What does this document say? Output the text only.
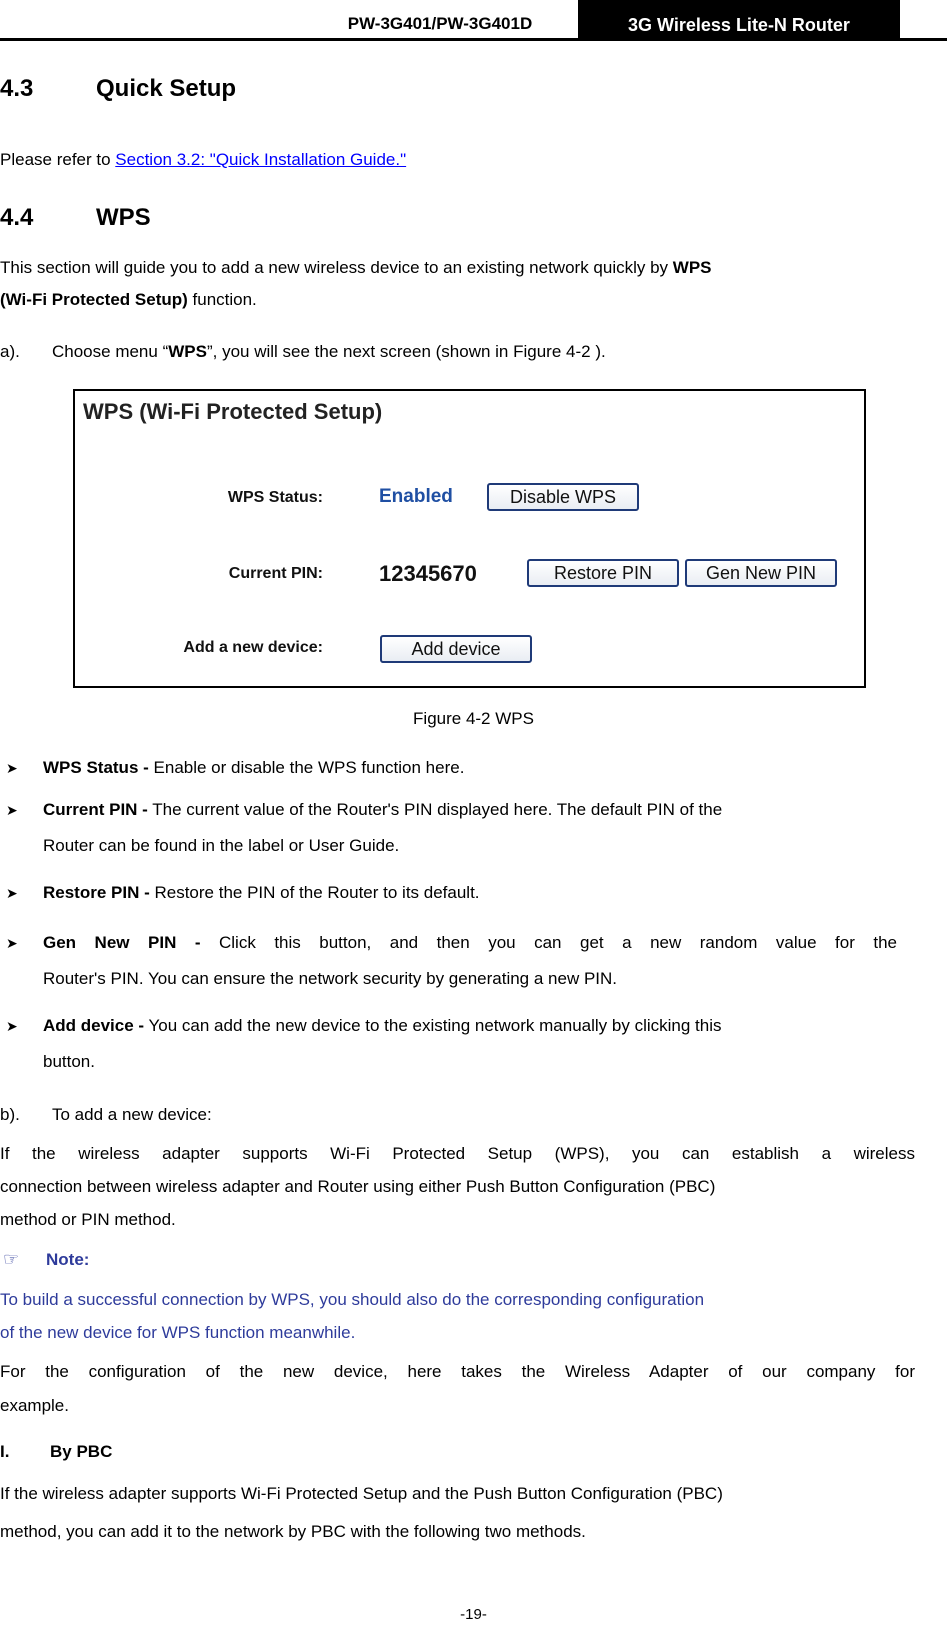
PW-3G401/PW-3G401D	3G Wireless Lite-N Router
4.3	Quick Setup

Please refer to Section 3.2: "Quick Installation Guide."

4.4	WPS

This section will guide you to add a new wireless device to an existing network quickly by WPS

(Wi-Fi Protected Setup) function.

a). Choose menu “WPS”, you will see the next screen (shown in Figure 4-2 ).

WPS (Wi-Fi Protected Setup)
WPS Status:	Enabled	Disable WPS
Current PIN:	12345670	Restore PIN	Gen New PIN
Add a new device:	Add device
Figure 4-2 WPS
➤ WPS Status - Enable or disable the WPS function here.

➤ Current PIN - The current value of the Router's PIN displayed here. The default PIN of the

Router can be found in the label or User Guide.

➤ Restore PIN - Restore the PIN of the Router to its default.

➤ Gen New PIN - Click this button, and then you can get a new random value for the

Router's PIN. You can ensure the network security by generating a new PIN.

➤ Add device - You can add the new device to the existing network manually by clicking this

button.

b). To add a new device:

If the wireless adapter supports Wi-Fi Protected Setup (WPS), you can establish a wireless

connection between wireless adapter and Router using either Push Button Configuration (PBC)

method or PIN method.

☞ Note:

To build a successful connection by WPS, you should also do the corresponding configuration

of the new device for WPS function meanwhile.

For the configuration of the new device, here takes the Wireless Adapter of our company for

example.

I. By PBC

If the wireless adapter supports Wi-Fi Protected Setup and the Push Button Configuration (PBC)

method, you can add it to the network by PBC with the following two methods.

-19-
